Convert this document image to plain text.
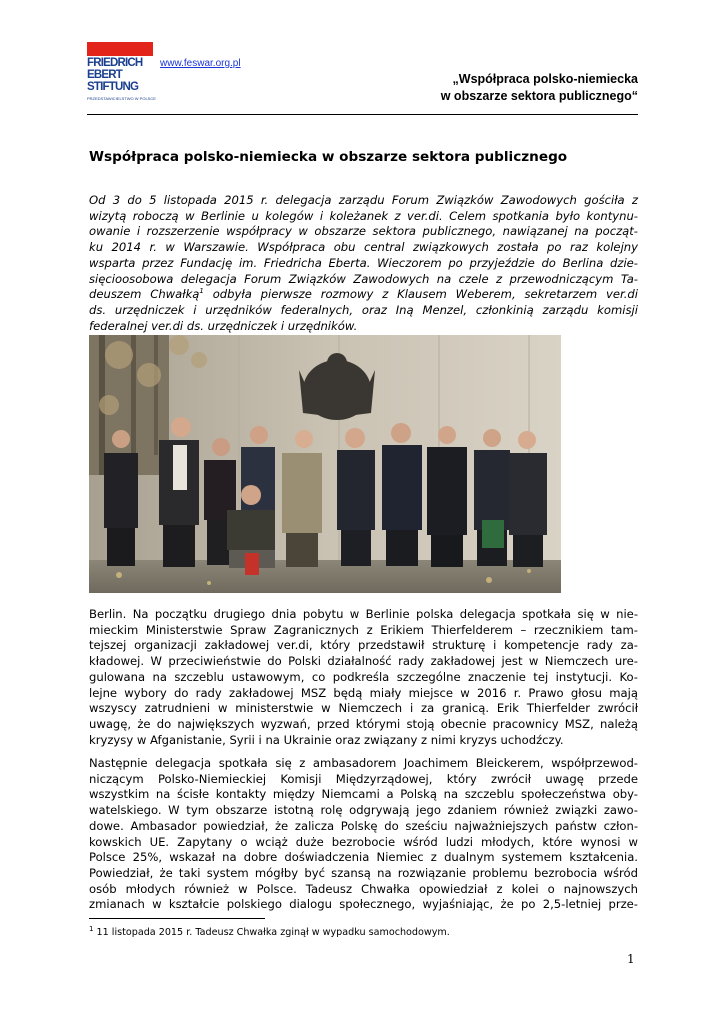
FRIEDRICH
EBERT
STIFTUNG
PRZEDSTAWICIELSTWO W POLSCE
www.feswar.org.pl
„Współpraca polsko-niemiecka
w obszarze sektora publicznego“
Współpraca polsko-niemiecka w obszarze sektora publicznego
Od 3 do 5 listopada 2015 r. delegacja zarządu Forum Związków Zawodowych gościła z
wizytą roboczą w Berlinie u kolegów i koleżanek z ver.di. Celem spotkania było kontynu-
owanie i rozszerzenie współpracy w obszarze sektora publicznego, nawiązanej na począt-
ku 2014 r. w Warszawie. Współpraca obu central związkowych została po raz kolejny
wsparta przez Fundację im. Friedricha Eberta. Wieczorem po przyjeździe do Berlina dzie-
sięcioosobowa delegacja Forum Związków Zawodowych na czele z przewodniczącym Ta-
deuszem Chwałką$^1$ odbyła pierwsze rozmowy z Klausem Weberem, sekretarzem ver.di
ds. urzędniczek i urzędników federalnych, oraz Iną Menzel, członkinią zarządu komisji
federalnej ver.di ds. urzędniczek i urzędników.
Berlin. Na początku drugiego dnia pobytu w Berlinie polska delegacja spotkała się w nie-
mieckim Ministerstwie Spraw Zagranicznych z Erikiem Thierfelderem – rzecznikiem tam-
tejszej organizacji zakładowej ver.di, który przedstawił strukturę i kompetencje rady za-
kładowej. W przeciwieństwie do Polski działalność rady zakładowej jest w Niemczech ure-
gulowana na szczeblu ustawowym, co podkreśla szczególne znaczenie tej instytucji. Ko-
lejne wybory do rady zakładowej MSZ będą miały miejsce w 2016 r. Prawo głosu mają
wszyscy zatrudnieni w ministerstwie w Niemczech i za granicą. Erik Thierfelder zwrócił
uwagę, że do największych wyzwań, przed którymi stoją obecnie pracownicy MSZ, należą
kryzysy w Afganistanie, Syrii i na Ukrainie oraz związany z nimi kryzys uchodźczy.
Następnie delegacja spotkała się z ambasadorem Joachimem Bleickerem, współprzewod-
niczącym Polsko-Niemieckiej Komisji Międzyrządowej, który zwrócił uwagę przede
wszystkim na ścisłe kontakty między Niemcami a Polską na szczeblu społeczeństwa oby-
watelskiego. W tym obszarze istotną rolę odgrywają jego zdaniem również związki zawo-
dowe. Ambasador powiedział, że zalicza Polskę do sześciu najważniejszych państw człon-
kowskich UE. Zapytany o wciąż duże bezrobocie wśród ludzi młodych, które wynosi w
Polsce 25%, wskazał na dobre doświadczenia Niemiec z dualnym systemem kształcenia.
Powiedział, że taki system mógłby być szansą na rozwiązanie problemu bezrobocia wśród
osób młodych również w Polsce. Tadeusz Chwałka opowiedział z kolei o najnowszych
zmianach w kształcie polskiego dialogu społecznego, wyjaśniając, że po 2,5-letniej prze-
$^1$ 11 listopada 2015 r. Tadeusz Chwałka zginął w wypadku samochodowym.
1
